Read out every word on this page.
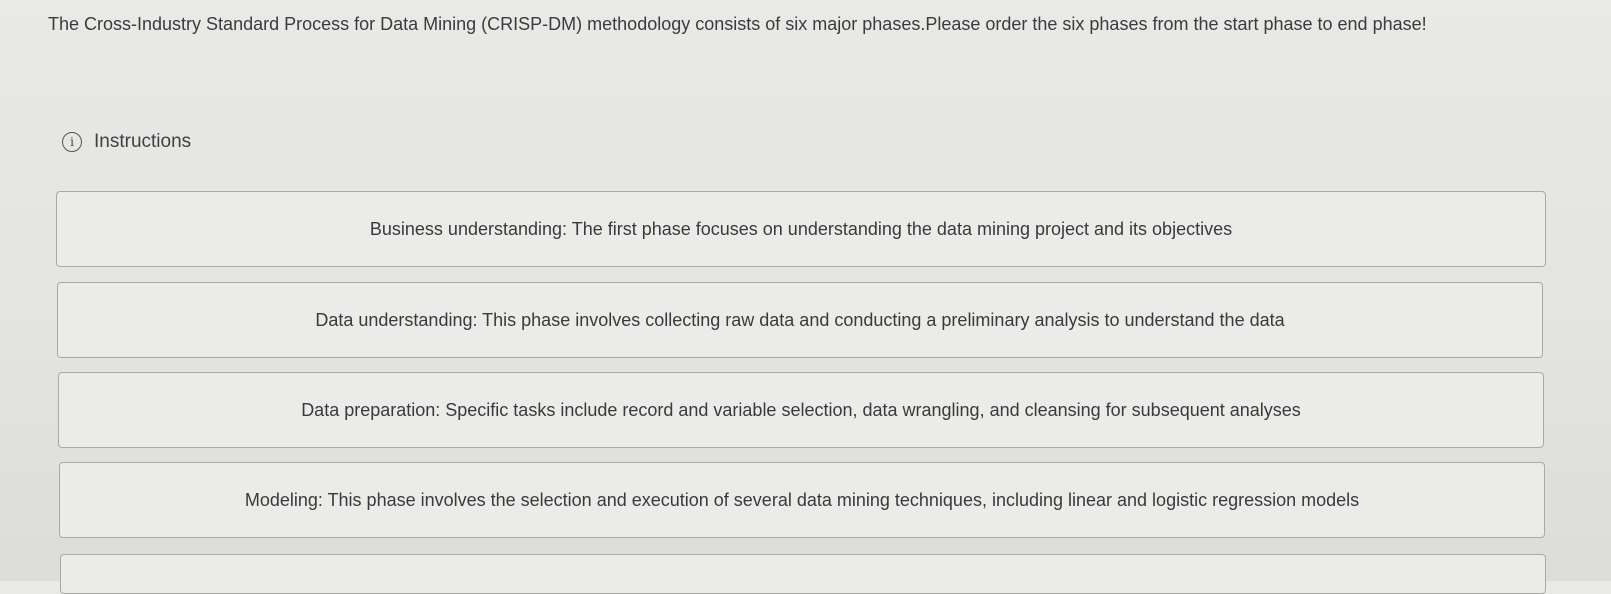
The Cross-Industry Standard Process for Data Mining (CRISP-DM) methodology consists of six major phases.Please order the six phases from the start phase to end phase!
i	Instructions
Business understanding: The first phase focuses on understanding the data mining project and its objectives
Data understanding: This phase involves collecting raw data and conducting a preliminary analysis to understand the data
Data preparation: Specific tasks include record and variable selection, data wrangling, and cleansing for subsequent analyses
Modeling: This phase involves the selection and execution of several data mining techniques, including linear and logistic regression models
